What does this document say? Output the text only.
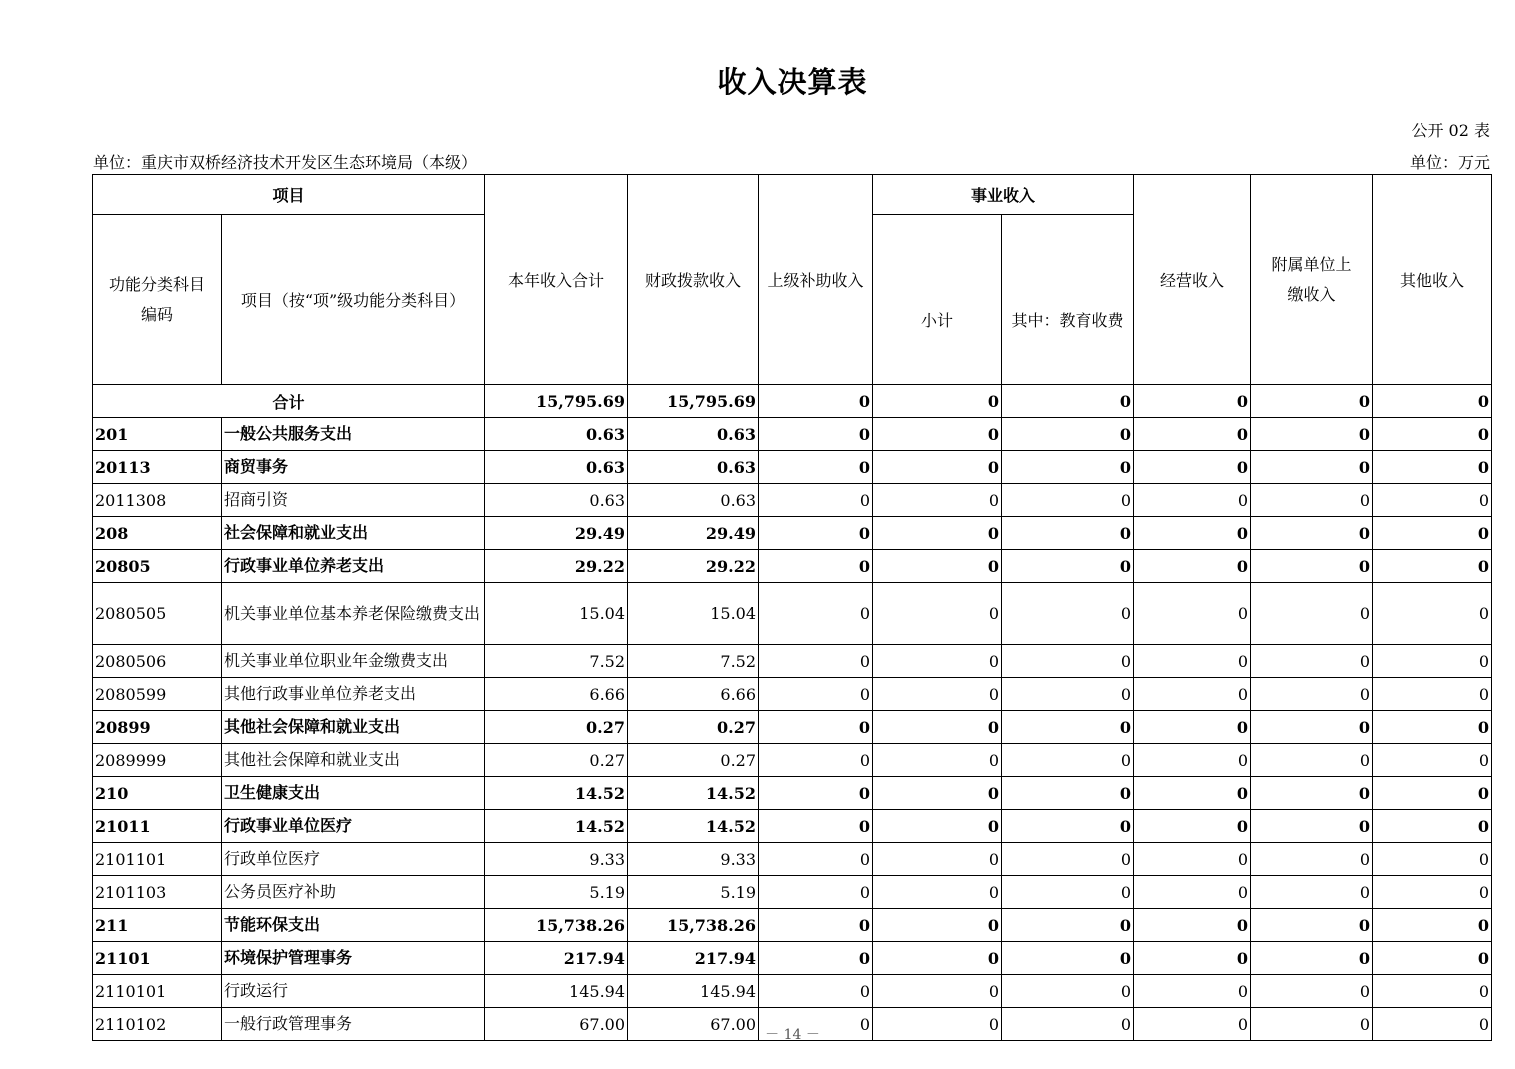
收入决算表
公开 02 表
单位：重庆市双桥经济技术开发区生态环境局（本级）	单位：万元
项目		本年收入合计	财政拨款收入	上级补助收入	事业收入		经营收入	附属单位上缴收入	其他收入
功能分类科目编码	项目（按“项”级功能分类科目）				小计	其中：教育收费			
合计		15,795.69	15,795.69	0	0	0	0	0	0
201	一般公共服务支出	0.63	0.63	0	0	0	0	0	0
20113	商贸事务	0.63	0.63	0	0	0	0	0	0
2011308	招商引资	0.63	0.63	0	0	0	0	0	0
208	社会保障和就业支出	29.49	29.49	0	0	0	0	0	0
20805	行政事业单位养老支出	29.22	29.22	0	0	0	0	0	0
2080505	机关事业单位基本养老保险缴费支出	15.04	15.04	0	0	0	0	0	0
2080506	机关事业单位职业年金缴费支出	7.52	7.52	0	0	0	0	0	0
2080599	其他行政事业单位养老支出	6.66	6.66	0	0	0	0	0	0
20899	其他社会保障和就业支出	0.27	0.27	0	0	0	0	0	0
2089999	其他社会保障和就业支出	0.27	0.27	0	0	0	0	0	0
210	卫生健康支出	14.52	14.52	0	0	0	0	0	0
21011	行政事业单位医疗	14.52	14.52	0	0	0	0	0	0
2101101	行政单位医疗	9.33	9.33	0	0	0	0	0	0
2101103	公务员医疗补助	5.19	5.19	0	0	0	0	0	0
211	节能环保支出	15,738.26	15,738.26	0	0	0	0	0	0
21101	环境保护管理事务	217.94	217.94	0	0	0	0	0	0
2110101	行政运行	145.94	145.94	0	0	0	0	0	0
2110102	一般行政管理事务	67.00	67.00	0	0	0	0	0	0
－ 14 －
